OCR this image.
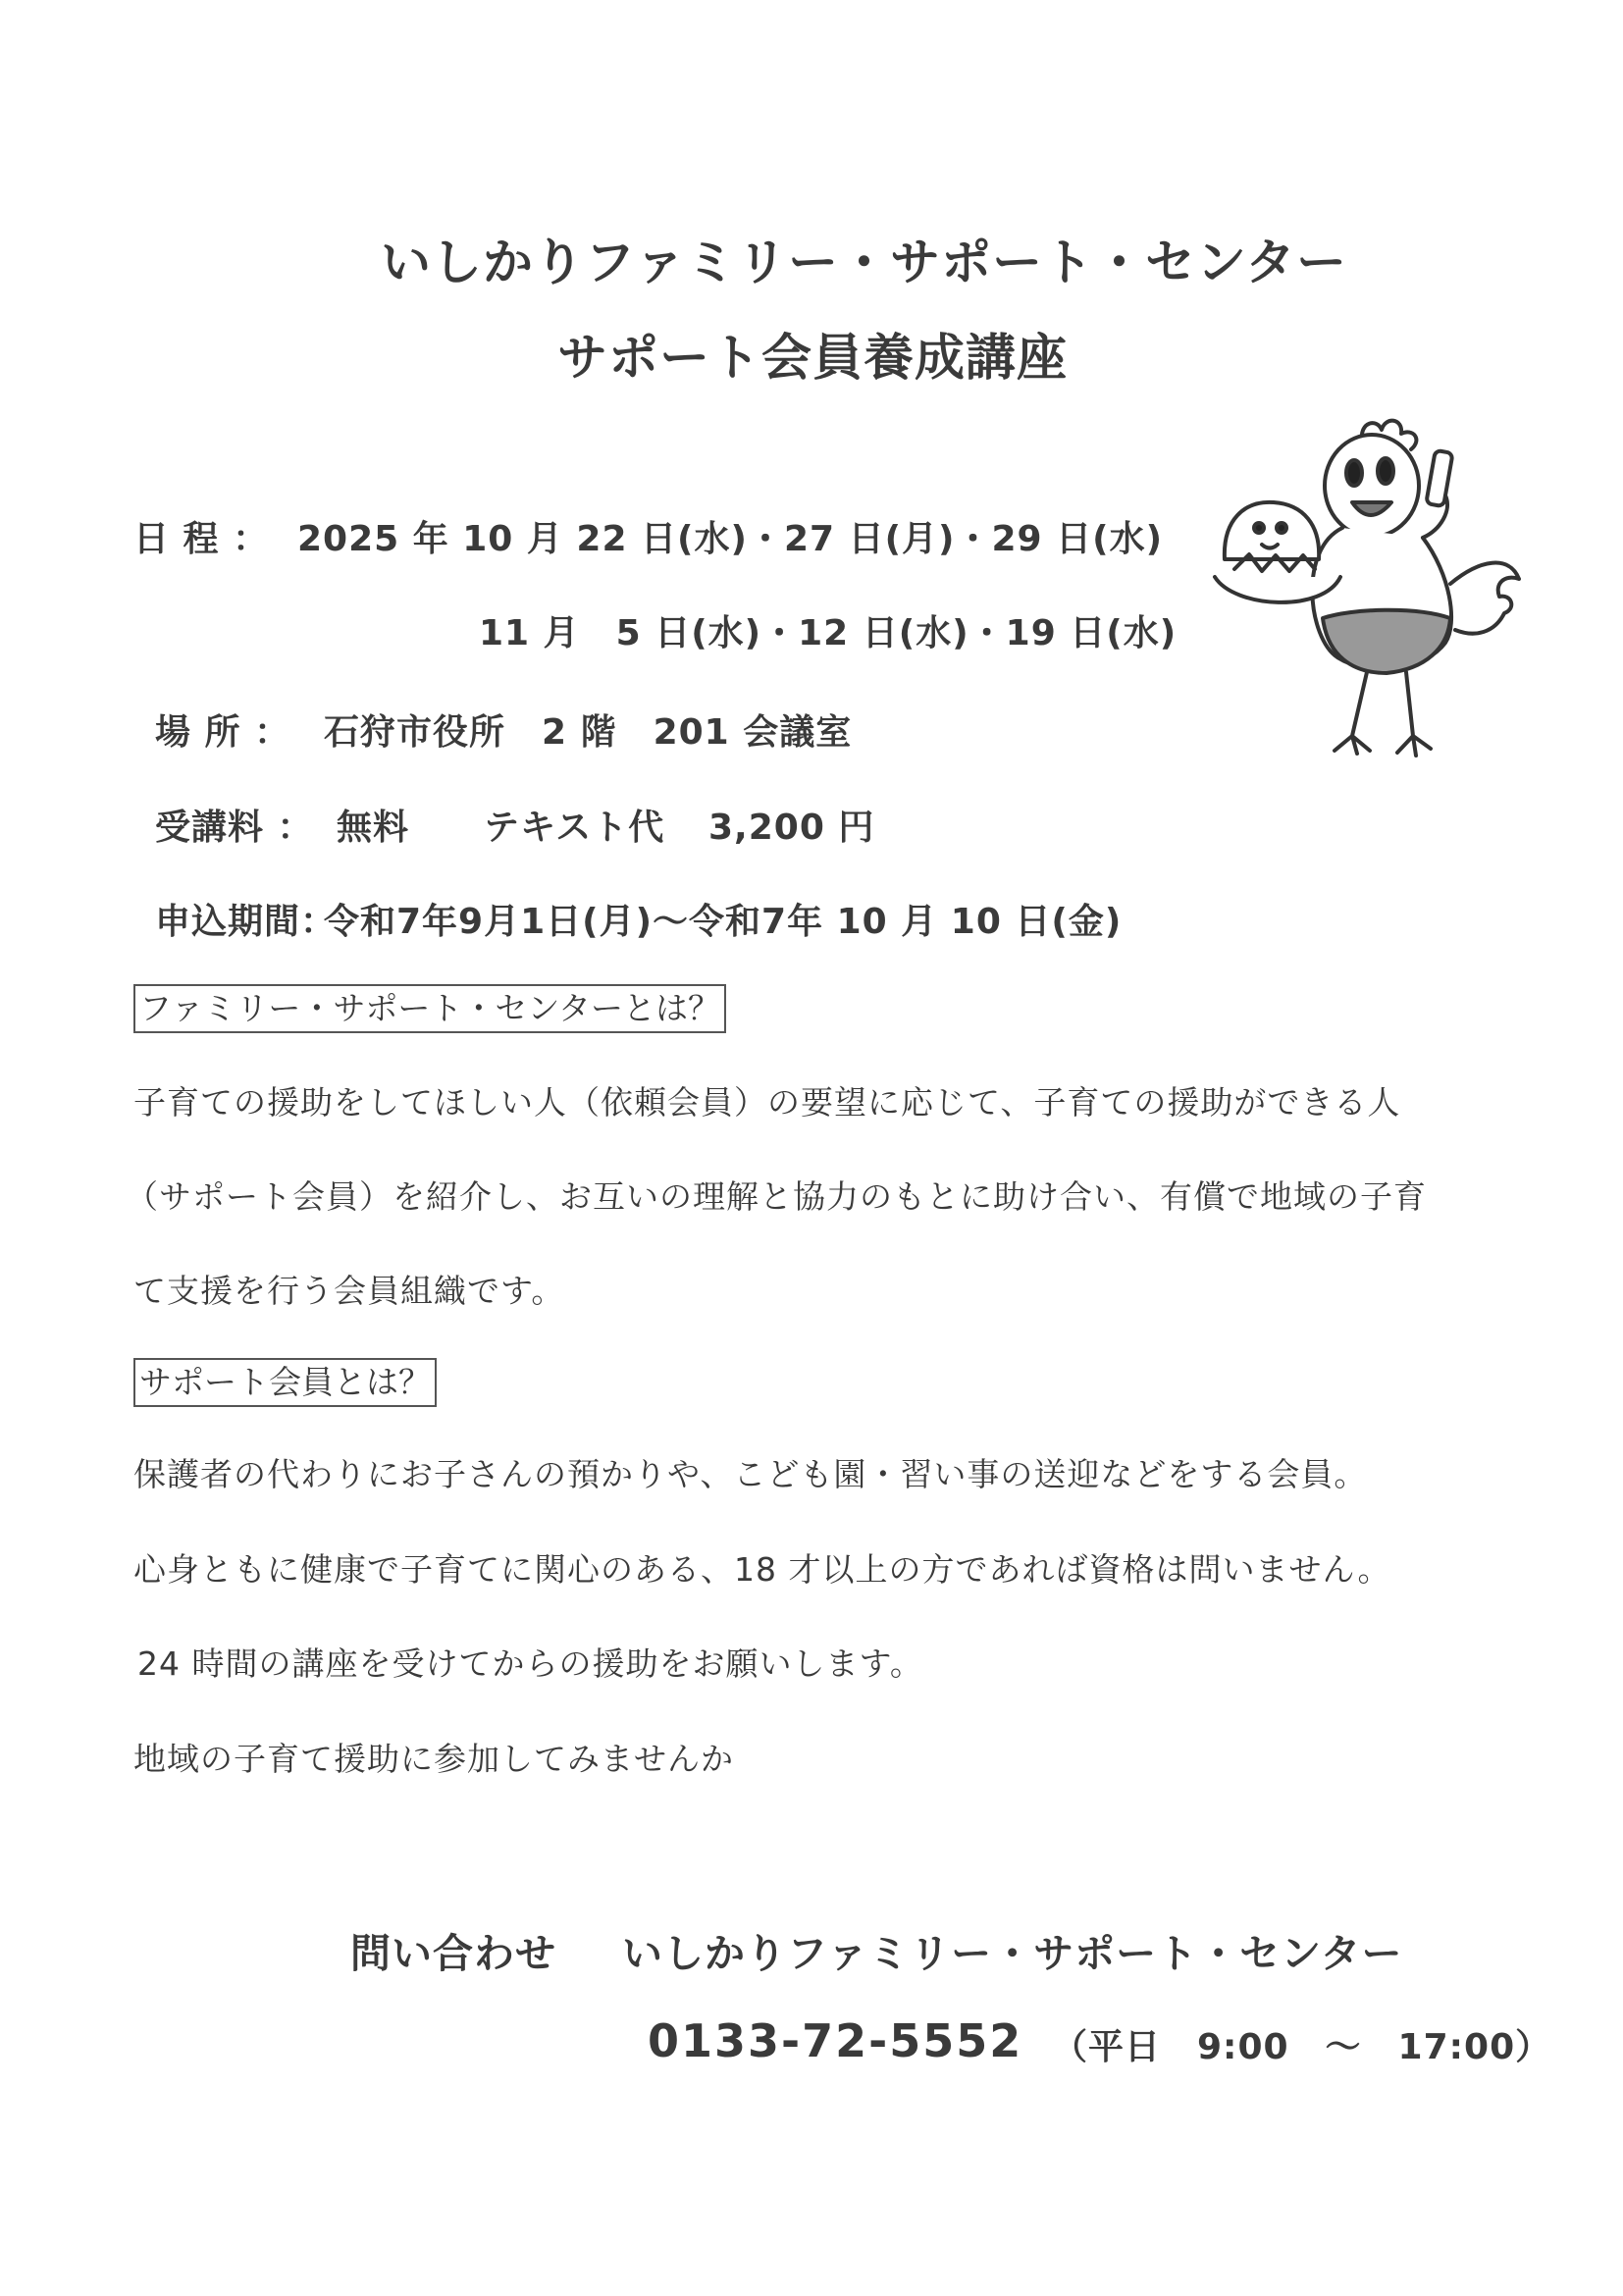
いしかりファミリー・サポート・センター
サポート会員養成講座
日 程 ： 2025 年 10 月 22 日(水)・27 日(月)・29 日(水)
11 月　5 日(水)・12 日(水)・19 日(水)
場 所 ： 石狩市役所　2 階　201 会議室
受講料 ： 無料 テキスト代 3,200 円
申込期間：
令和7年9月1日(月)～令和7年 10 月 10 日(金)
ファミリー・サポート・センターとは？
子育ての援助をしてほしい人（依頼会員）の要望に応じて、子育ての援助ができる人
（サポート会員）を紹介し、お互いの理解と協力のもとに助け合い、有償で地域の子育
て支援を行う会員組織です。
サポート会員とは？
保護者の代わりにお子さんの預かりや、こども園・習い事の送迎などをする会員。
心身ともに健康で子育てに関心のある、18 才以上の方であれば資格は問いません。
24 時間の講座を受けてからの援助をお願いします。
地域の子育て援助に参加してみませんか
問い合わせ いしかりファミリー・サポート・センター
0133-72-5552 （平日　9:00　～　17:00）
